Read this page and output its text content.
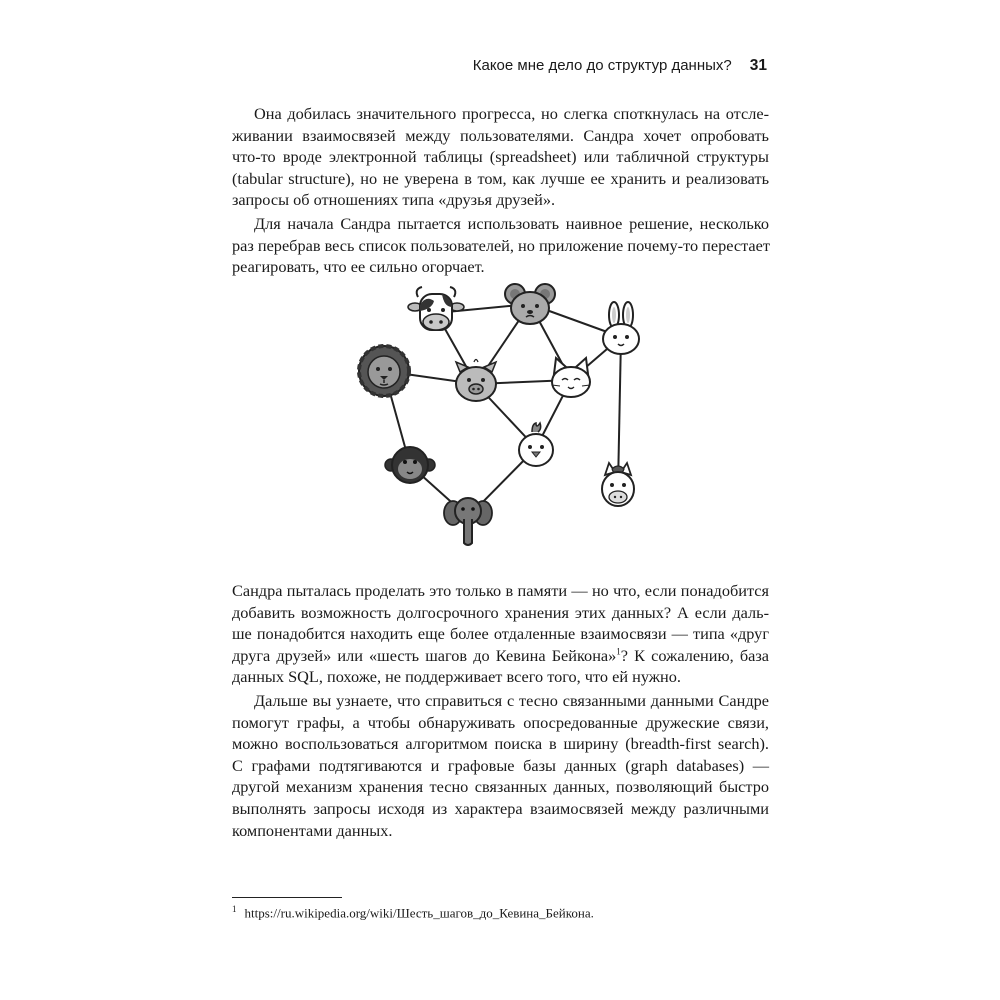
Какое мне дело до структур данных? 31
Она добилась значительного прогресса, но слегка споткнулась на отсле-
живании взаимосвязей между пользователями. Сандра хочет опробовать
что-то вроде электронной таблицы (spreadsheet) или табличной структуры
(tabular structure), но не уверена в том, как лучше ее хранить и реализовать
запросы об отношениях типа «друзья друзей».
Для начала Сандра пытается использовать наивное решение, несколько
раз перебрав весь список пользователей, но приложение почему-то перестает
реагировать, что ее сильно огорчает.
Сандра пыталась проделать это только в памяти — но что, если понадобится
добавить возможность долгосрочного хранения этих данных? А если даль-
ше понадобится находить еще более отдаленные взаимосвязи — типа «друг
друга друзей» или «шесть шагов до Кевина Бейкона»$^1$? К сожалению, база
данных SQL, похоже, не поддерживает всего того, что ей нужно.
Дальше вы узнаете, что справиться с тесно связанными данными Сандре
помогут графы, а чтобы обнаруживать опосредованные дружеские связи,
можно воспользоваться алгоритмом поиска в ширину (breadth-first search).
С графами подтягиваются и графовые базы данных (graph databases) —
другой механизм хранения тесно связанных данных, позволяющий быстро
выполнять запросы исходя из характера взаимосвязей между различными
компонентами данных.
$^1$ https://ru.wikipedia.org/wiki/Шесть_шагов_до_Кевина_Бейкона.
